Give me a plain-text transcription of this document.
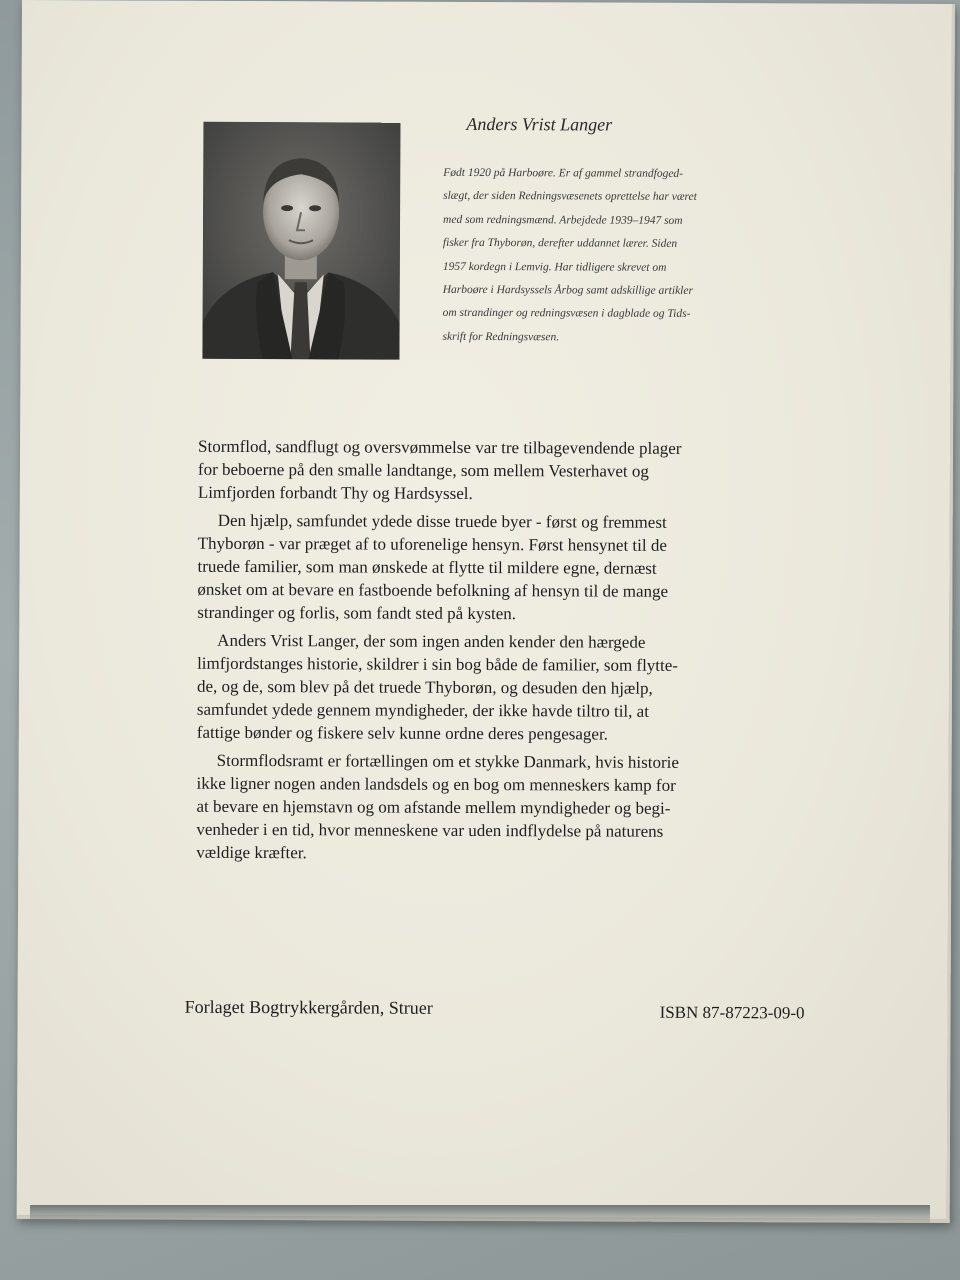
Anders Vrist Langer
Født 1920 på Harboøre. Er af gammel strandfoged-
slægt, der siden Redningsvæsenets oprettelse har været
med som redningsmænd. Arbejdede 1939–1947 som
fisker fra Thyborøn, derefter uddannet lærer. Siden
1957 kordegn i Lemvig. Har tidligere skrevet om
Harboøre i Hardsyssels Årbog samt adskillige artikler
om strandinger og redningsvæsen i dagblade og Tids-
skrift for Redningsvæsen.

Stormflod, sandflugt og oversvømmelse var tre tilbagevendende plager
for beboerne på den smalle landtange, som mellem Vesterhavet og
Limfjorden forbandt Thy og Hardsyssel.

Den hjælp, samfundet ydede disse truede byer - først og fremmest
Thyborøn - var præget af to uforenelige hensyn. Først hensynet til de
truede familier, som man ønskede at flytte til mildere egne, dernæst
ønsket om at bevare en fastboende befolkning af hensyn til de mange
strandinger og forlis, som fandt sted på kysten.

Anders Vrist Langer, der som ingen anden kender den hærgede
limfjordstanges historie, skildrer i sin bog både de familier, som flytte-
de, og de, som blev på det truede Thyborøn, og desuden den hjælp,
samfundet ydede gennem myndigheder, der ikke havde tiltro til, at
fattige bønder og fiskere selv kunne ordne deres pengesager.

Stormflodsramt er fortællingen om et stykke Danmark, hvis historie
ikke ligner nogen anden landsdels og en bog om menneskers kamp for
at bevare en hjemstavn og om afstande mellem myndigheder og begi-
venheder i en tid, hvor menneskene var uden indflydelse på naturens
vældige kræfter.

Forlaget Bogtrykkergården, Struer	ISBN 87-87223-09-0
